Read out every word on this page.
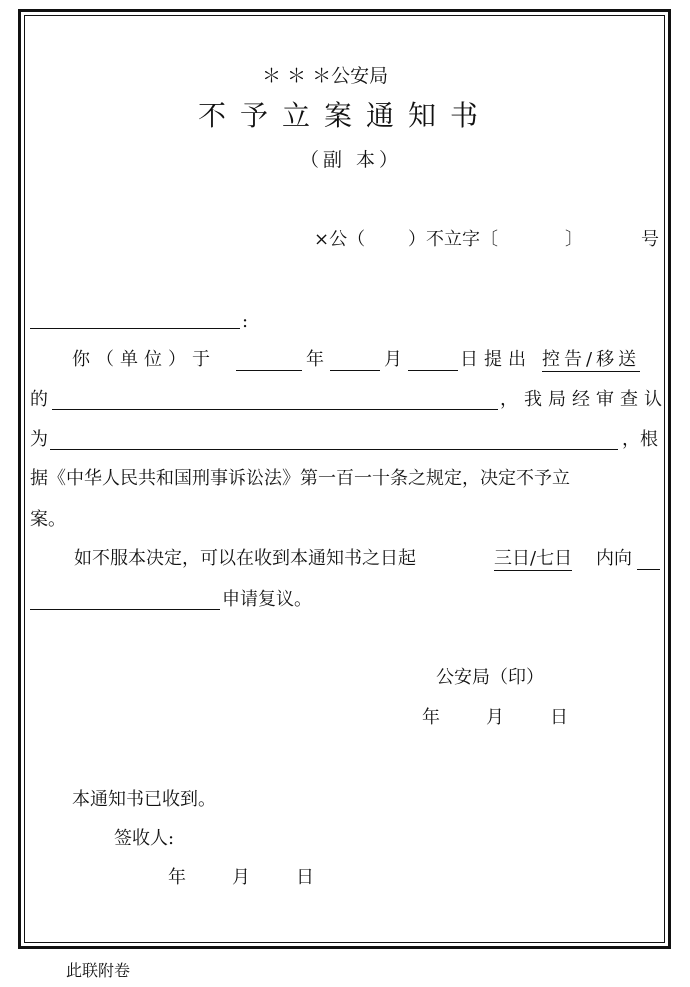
＊ ＊ ＊公安局
不予立案通知书
（副 本）
×公（ ）不立字〔	〕	号
:
你（单位）于	年	月	日提出 控告/移送
的	，我局经审查认
为	，根
据《中华人民共和国刑事诉讼法》第一百一十条之规定，决定不予立
案。
如不服本决定，可以在收到本通知书之日起	三日/七日 内向
申请复议。
公安局（印）
年	月	日
本通知书已收到。
签收人:
年	月	日
此联附卷
